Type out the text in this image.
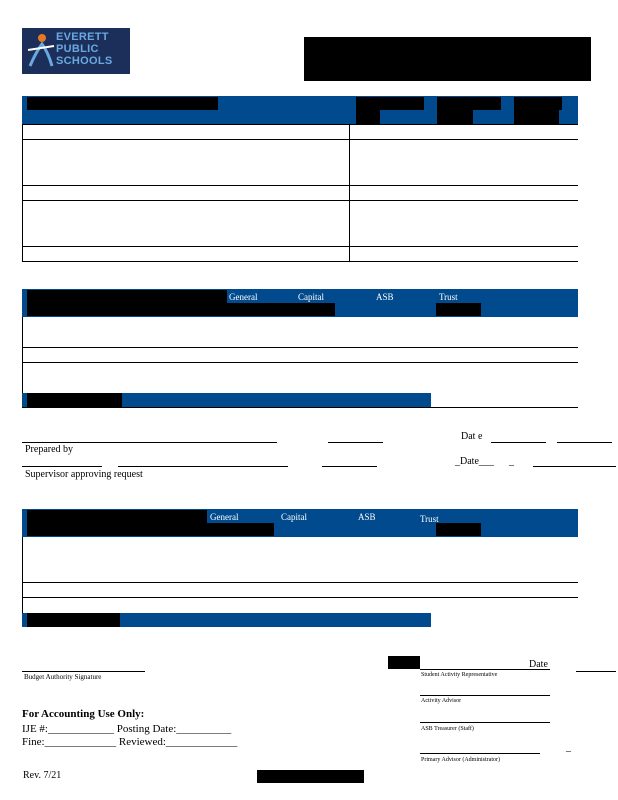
EVERETT
PUBLIC
SCHOOLS
General	Capital	ASB	Trust
Dat e
Prepared by
_Date___ _
Supervisor approving request
General	Capital	ASB	Trust
Budget Authority Signature
Date
Student Activity Representative
Activity Advisor
ASB Treasurer (Staff)
_
Primary Advisor (Administrator)
For Accounting Use Only:
IJE #:____________ Posting Date:__________
Fine:_____________ Reviewed:_____________
Rev. 7/21
